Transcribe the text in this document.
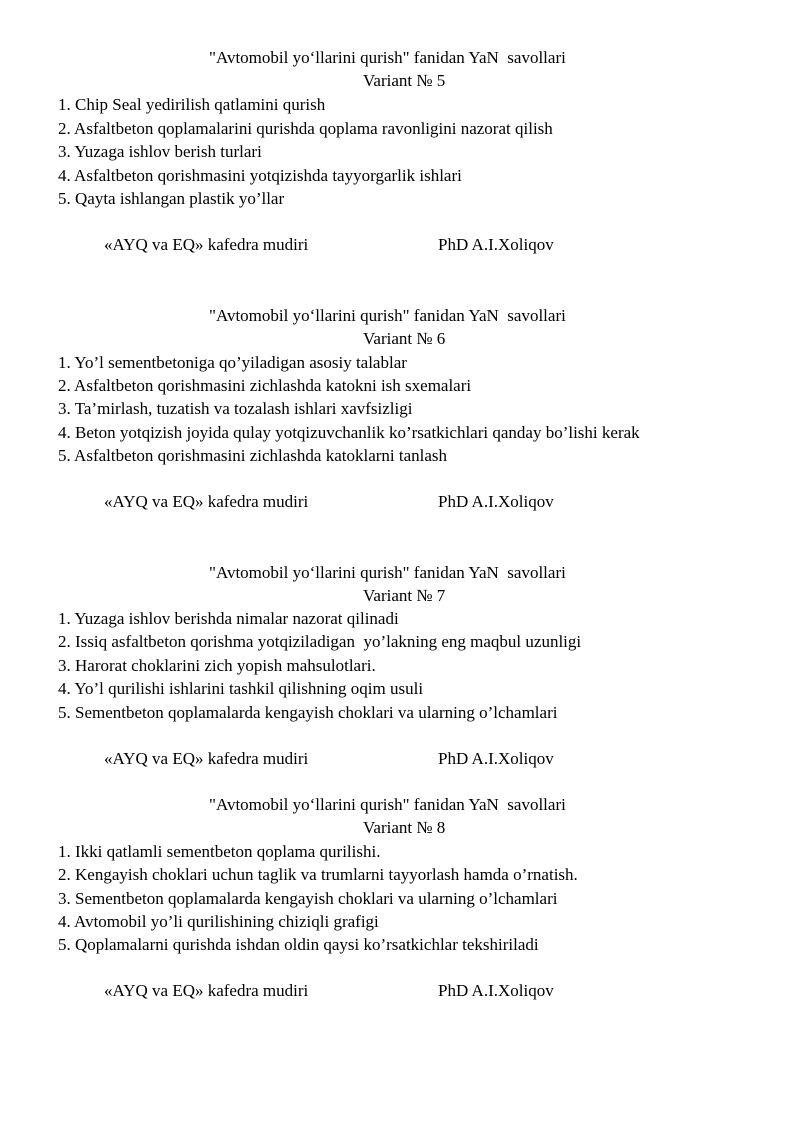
"Avtomobil yo‘llarini qurish" fanidan YaN  savollari
Variant № 5
1. Chip Seal yedirilish qatlamini qurish
2. Asfaltbeton qoplamalarini qurishda qoplama ravonligini nazorat qilish
3. Yuzaga ishlov berish turlari
4. Asfaltbeton qorishmasini yotqizishda tayyorgarlik ishlari
5. Qayta ishlangan plastik yo’llar
«AYQ va EQ» kafedra mudiri	PhD A.I.Xoliqov
"Avtomobil yo‘llarini qurish" fanidan YaN  savollari
Variant № 6
1. Yo’l sementbetoniga qo’yiladigan asosiy talablar
2. Asfaltbeton qorishmasini zichlashda katokni ish sxemalari
3. Ta’mirlash, tuzatish va tozalash ishlari xavfsizligi
4. Beton yotqizish joyida qulay yotqizuvchanlik ko’rsatkichlari qanday bo’lishi kerak
5. Asfaltbeton qorishmasini zichlashda katoklarni tanlash
«AYQ va EQ» kafedra mudiri	PhD A.I.Xoliqov
"Avtomobil yo‘llarini qurish" fanidan YaN  savollari
Variant № 7
1. Yuzaga ishlov berishda nimalar nazorat qilinadi
2. Issiq asfaltbeton qorishma yotqiziladigan  yo’lakning eng maqbul uzunligi
3. Harorat choklarini zich yopish mahsulotlari.
4. Yo’l qurilishi ishlarini tashkil qilishning oqim usuli
5. Sementbeton qoplamalarda kengayish choklari va ularning o’lchamlari
«AYQ va EQ» kafedra mudiri	PhD A.I.Xoliqov
"Avtomobil yo‘llarini qurish" fanidan YaN  savollari
Variant № 8
1. Ikki qatlamli sementbeton qoplama qurilishi.
2. Kengayish choklari uchun taglik va trumlarni tayyorlash hamda o’rnatish.
3. Sementbeton qoplamalarda kengayish choklari va ularning o’lchamlari
4. Avtomobil yo’li qurilishining chiziqli grafigi
5. Qoplamalarni qurishda ishdan oldin qaysi ko’rsatkichlar tekshiriladi
«AYQ va EQ» kafedra mudiri	PhD A.I.Xoliqov
